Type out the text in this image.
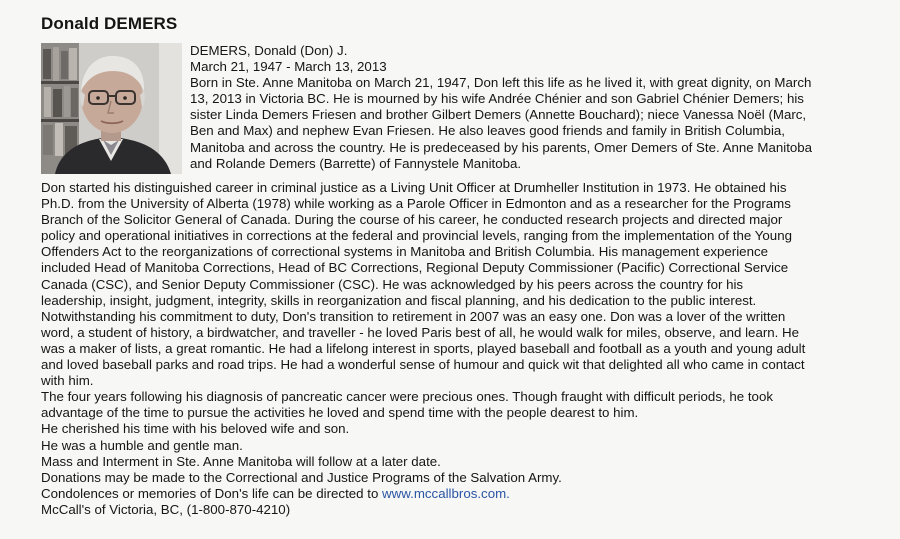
Donald DEMERS
DEMERS, Donald (Don) J.
March 21, 1947 - March 13, 2013
Born in Ste. Anne Manitoba on March 21, 1947, Don left this life as he lived it, with great dignity, on March
13, 2013 in Victoria BC. He is mourned by his wife Andrée Chénier and son Gabriel Chénier Demers; his
sister Linda Demers Friesen and brother Gilbert Demers (Annette Bouchard); niece Vanessa Noël (Marc,
Ben and Max) and nephew Evan Friesen. He also leaves good friends and family in British Columbia,
Manitoba and across the country. He is predeceased by his parents, Omer Demers of Ste. Anne Manitoba
and Rolande Demers (Barrette) of Fannystele Manitoba.
Don started his distinguished career in criminal justice as a Living Unit Officer at Drumheller Institution in 1973. He obtained his
Ph.D. from the University of Alberta (1978) while working as a Parole Officer in Edmonton and as a researcher for the Programs
Branch of the Solicitor General of Canada. During the course of his career, he conducted research projects and directed major
policy and operational initiatives in corrections at the federal and provincial levels, ranging from the implementation of the Young
Offenders Act to the reorganizations of correctional systems in Manitoba and British Columbia. His management experience
included Head of Manitoba Corrections, Head of BC Corrections, Regional Deputy Commissioner (Pacific) Correctional Service
Canada (CSC), and Senior Deputy Commissioner (CSC). He was acknowledged by his peers across the country for his
leadership, insight, judgment, integrity, skills in reorganization and fiscal planning, and his dedication to the public interest.
Notwithstanding his commitment to duty, Don's transition to retirement in 2007 was an easy one. Don was a lover of the written
word, a student of history, a birdwatcher, and traveller - he loved Paris best of all, he would walk for miles, observe, and learn. He
was a maker of lists, a great romantic. He had a lifelong interest in sports, played baseball and football as a youth and young adult
and loved baseball parks and road trips. He had a wonderful sense of humour and quick wit that delighted all who came in contact
with him.
The four years following his diagnosis of pancreatic cancer were precious ones. Though fraught with difficult periods, he took
advantage of the time to pursue the activities he loved and spend time with the people dearest to him.
He cherished his time with his beloved wife and son.
He was a humble and gentle man.
Mass and Interment in Ste. Anne Manitoba will follow at a later date.
Donations may be made to the Correctional and Justice Programs of the Salvation Army.
Condolences or memories of Don's life can be directed to www.mccallbros.com.
McCall's of Victoria, BC, (1-800-870-4210)
